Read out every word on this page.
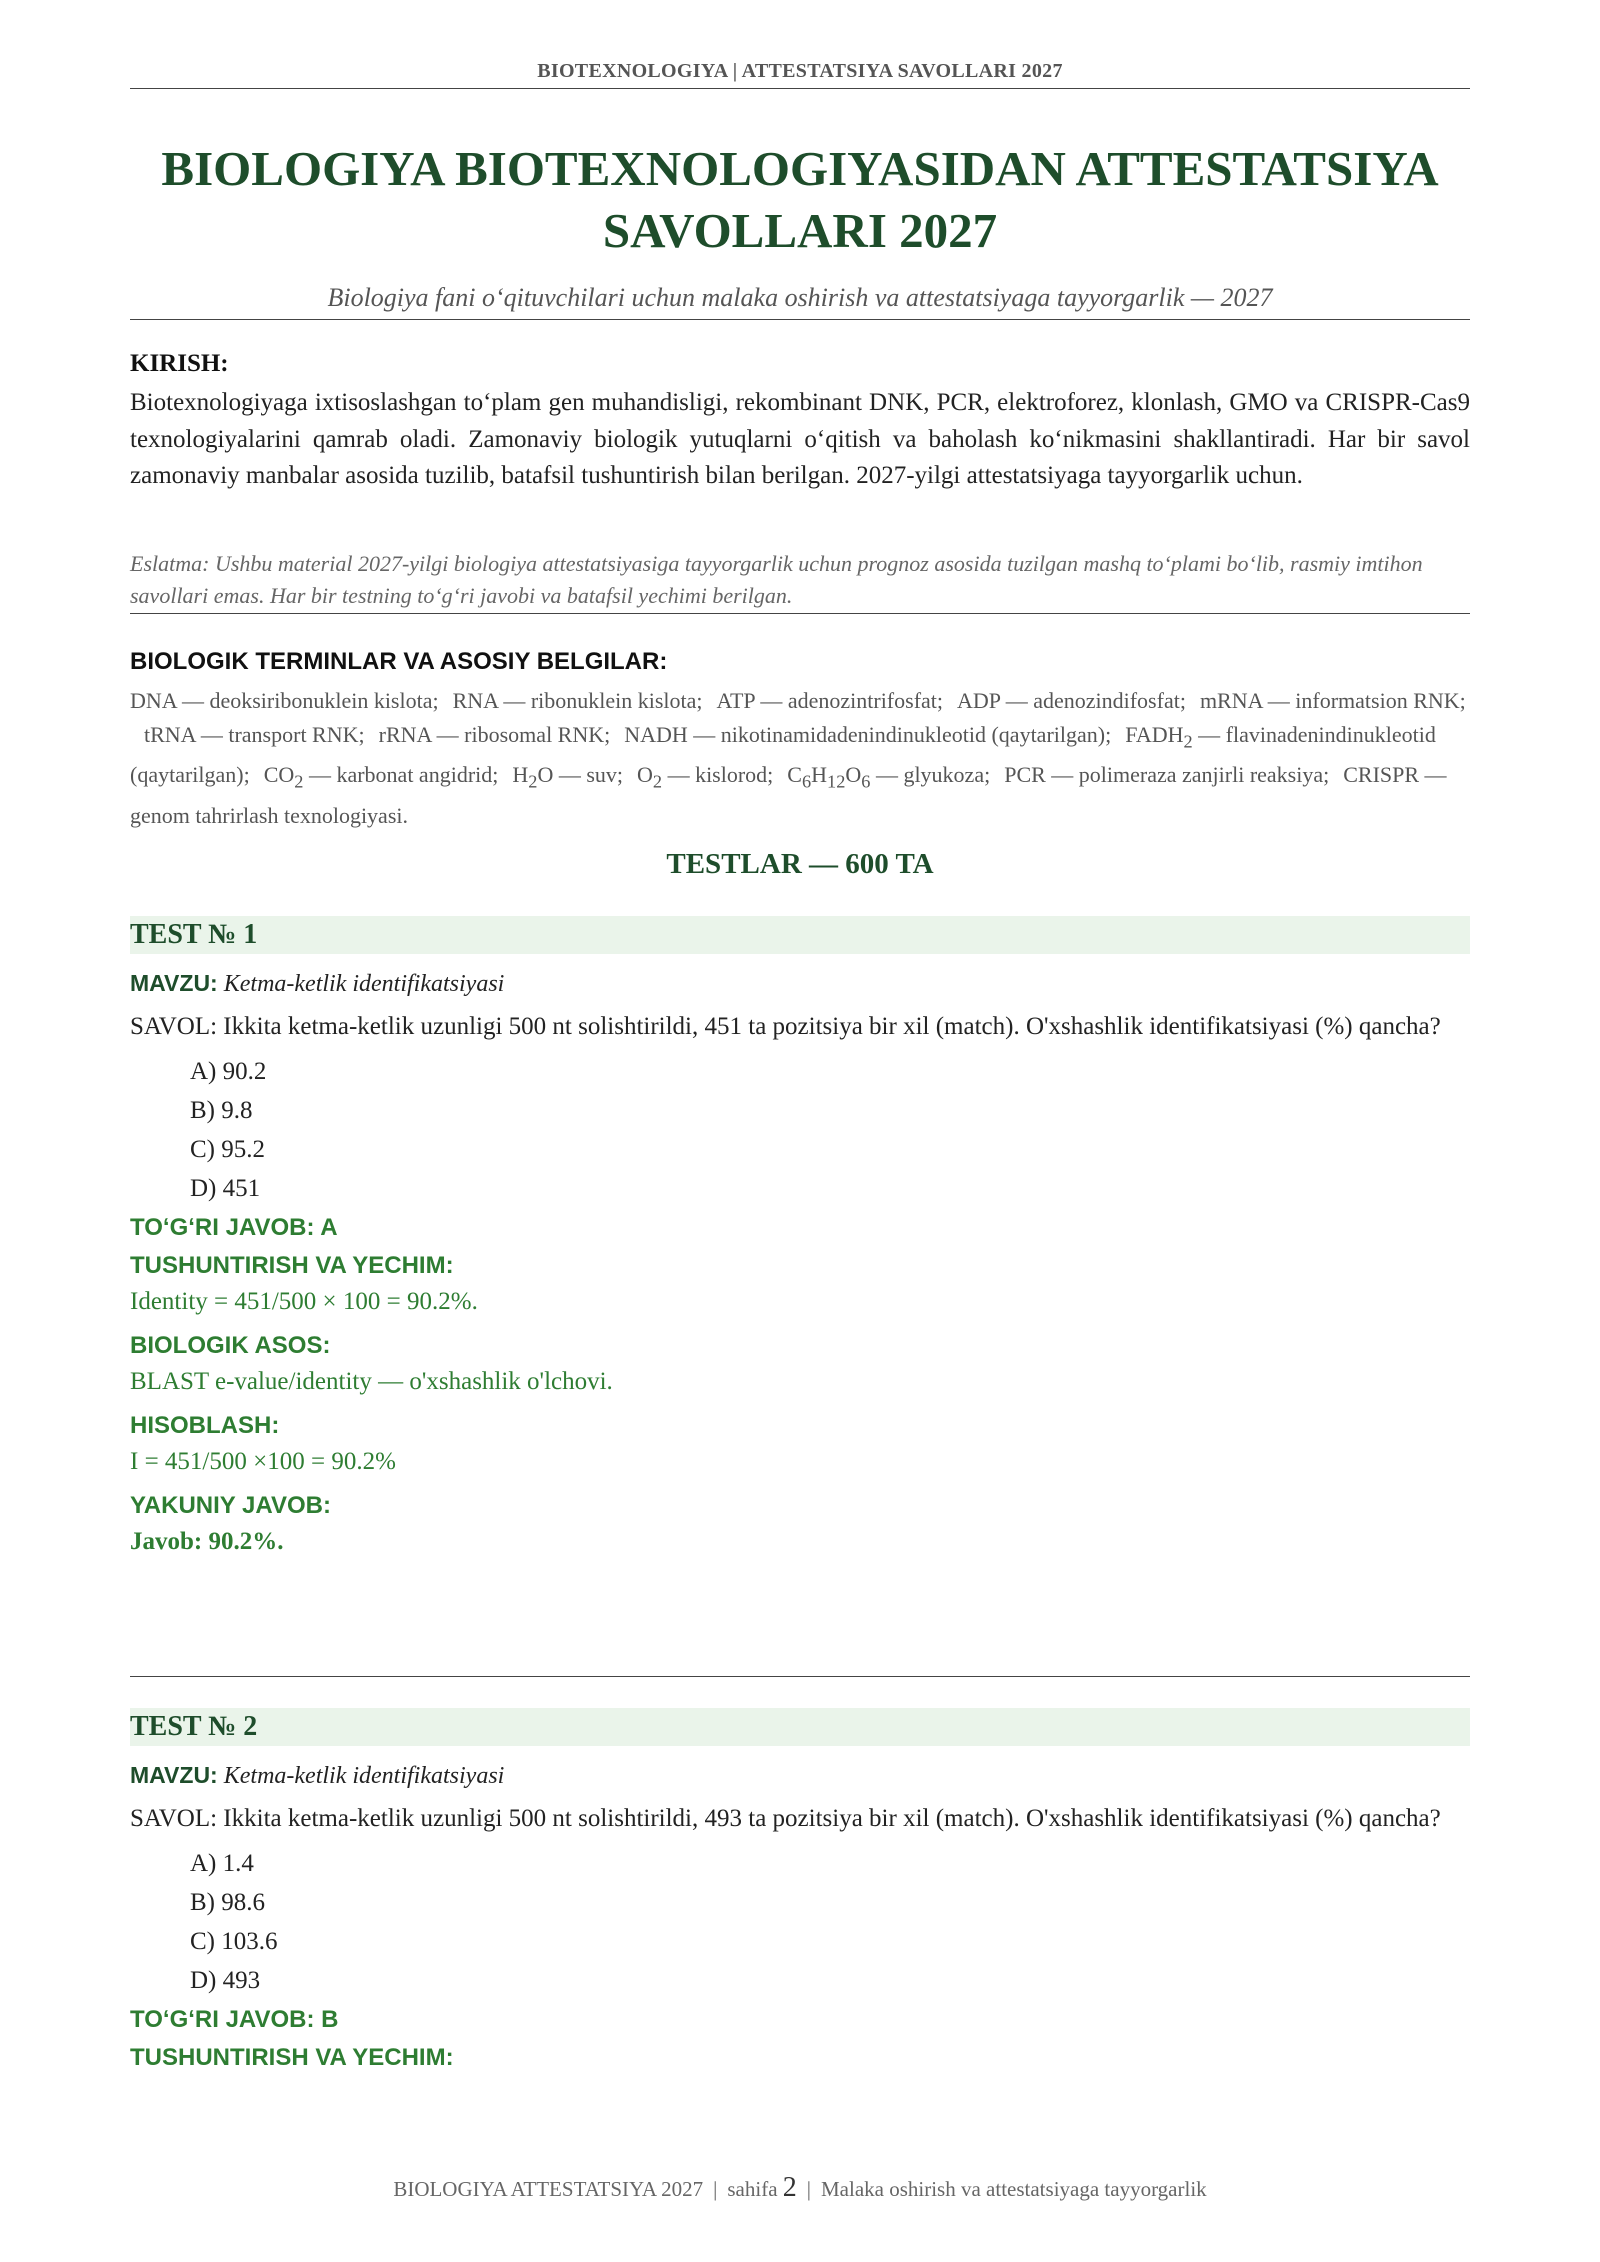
BIOTEXNOLOGIYA | ATTESTATSIYA SAVOLLARI 2027
BIOLOGIYA BIOTEXNOLOGIYASIDAN ATTESTATSIYA
SAVOLLARI 2027

Biologiya fani oʻqituvchilari uchun malaka oshirish va attestatsiyaga tayyorgarlik — 2027

KIRISH:

Biotexnologiyaga ixtisoslashgan toʻplam gen muhandisligi, rekombinant DNK, PCR, elektroforez, klonlash, GMO va CRISPR-Cas9 texnologiyalarini qamrab oladi. Zamonaviy biologik yutuqlarni oʻqitish va baholash koʻnikmasini shakllantiradi. Har bir savol zamonaviy manbalar asosida tuzilib, batafsil tushuntirish bilan berilgan. 2027-yilgi attestatsiyaga tayyorgarlik uchun.

Eslatma: Ushbu material 2027-yilgi biologiya attestatsiyasiga tayyorgarlik uchun prognoz asosida tuzilgan mashq toʻplami boʻlib, rasmiy imtihon savollari emas. Har bir testning toʻgʻri javobi va batafsil yechimi berilgan.

BIOLOGIK TERMINLAR VA ASOSIY BELGILAR:

DNA — deoksiribonuklein kislota; RNA — ribonuklein kislota; ATP — adenozintrifosfat; ADP — adenozindifosfat; mRNA — informatsion RNK;tRNA — transport RNK; rRNA — ribosomal RNK; NADH — nikotinamidadenindinukleotid (qaytarilgan); $FADH_2$ — flavinadenindinukleotid (qaytarilgan); $CO_2$ — karbonat angidrid; $H_2O$ — suv; $O_2$ — kislorod; $C_6H_{12}O_6$ — glyukoza; PCR — polimeraza zanjirli reaksiya; CRISPR — genom tahrirlash texnologiyasi.

TESTLAR — 600 TA

TEST № 1
MAVZU: Ketma-ketlik identifikatsiyasi
SAVOL: Ikkita ketma-ketlik uzunligi 500 nt solishtirildi, 451 ta pozitsiya bir xil (match). O'xshashlik identifikatsiyasi (%) qancha?
A) 90.2
B) 9.8
C) 95.2
D) 451
TOʻGʻRI JAVOB: A
TUSHUNTIRISH VA YECHIM:
Identity = 451/500 × 100 = 90.2%.
BIOLOGIK ASOS:
BLAST e-value/identity — o'xshashlik o'lchovi.
HISOBLASH:
I = 451/500 ×100 = 90.2%
YAKUNIY JAVOB:
Javob: 90.2%.
TEST № 2
MAVZU: Ketma-ketlik identifikatsiyasi
SAVOL: Ikkita ketma-ketlik uzunligi 500 nt solishtirildi, 493 ta pozitsiya bir xil (match). O'xshashlik identifikatsiyasi (%) qancha?
A) 1.4
B) 98.6
C) 103.6
D) 493
TOʻGʻRI JAVOB: B
TUSHUNTIRISH VA YECHIM:
BIOLOGIYA ATTESTATSIYA 2027 | sahifa 2 | Malaka oshirish va attestatsiyaga tayyorgarlik
